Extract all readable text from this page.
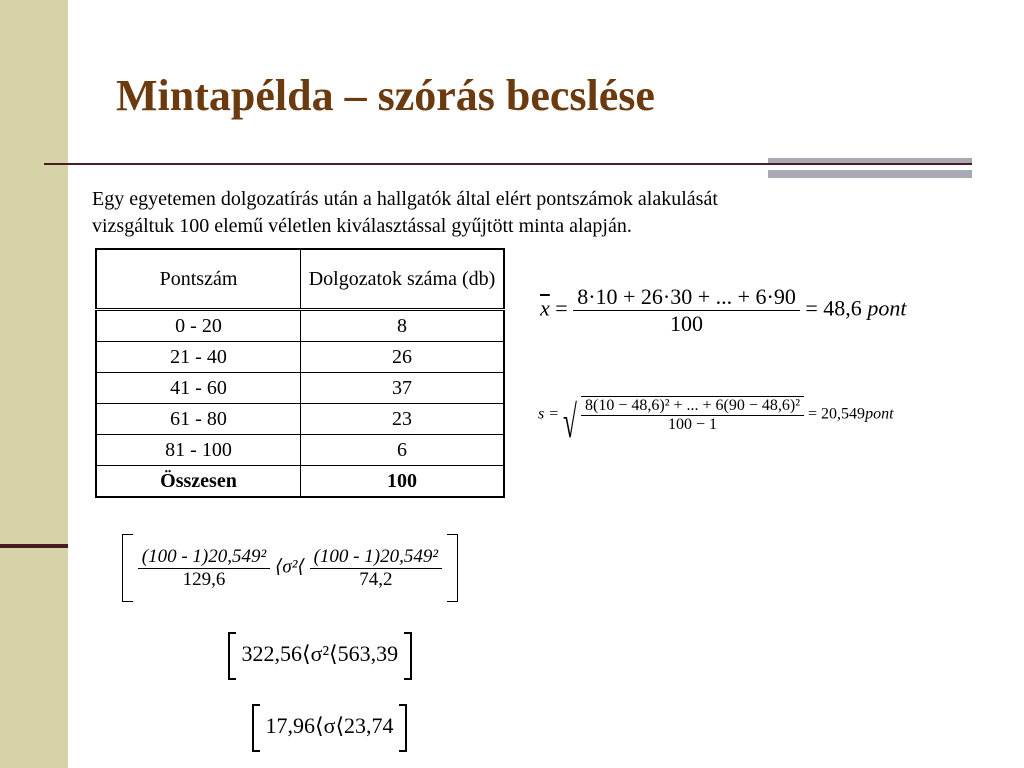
Mintapélda – szórás becslése
Egy egyetemen dolgozatírás után a hallgatók által elért pontszámok alakulását
vizsgáltuk 100 elemű véletlen kiválasztással gyűjtött minta alapján.
Pontszám	Dolgozatok száma (db)
0 - 20	8
21 - 40	26
41 - 60	37
61 - 80	23
81 - 100	6
Összesen	100
$\overline{x} = \frac{8\cdot 10 + 26\cdot 30 + ... + 6\cdot 90}{100} = 48,6$ pont
s = √ $\frac{\text{8(10 − 48,6)² + ... + 6(90 − 48,6)²}}{100 - 1}$ = 20,549pont

$\frac{\text{(100 - 1)20,549²}}{129,6}$ ⟨σ²⟨ $\frac{\text{(100 - 1)20,549²}}{74,2}$

322,56⟨σ²⟨563,39
17,96⟨σ⟨23,74
